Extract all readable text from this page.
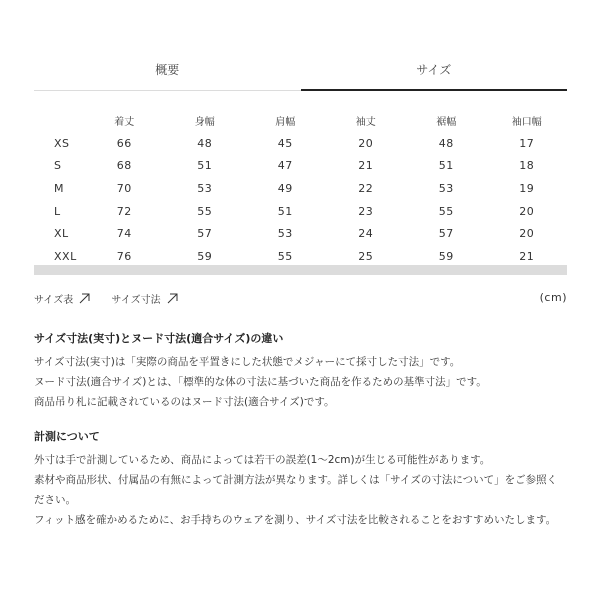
概要	サイズ
	着丈	身幅	肩幅	袖丈	裾幅	袖口幅
XS	66	48	45	20	48	17
S	68	51	47	21	51	18
M	70	53	49	22	53	19
L	72	55	51	23	55	20
XL	74	57	53	24	57	20
XXL	76	59	55	25	59	21
サイズ表
	サイズ寸法	(cm)
サイズ寸法(実寸)とヌード寸法(適合サイズ)の違い

サイズ寸法(実寸)は「実際の商品を平置きにした状態でメジャーにて採寸した寸法」です。

ヌード寸法(適合サイズ)とは、「標準的な体の寸法に基づいた商品を作るための基準寸法」です。

商品吊り札に記載されているのはヌード寸法(適合サイズ)です。

計測について

外寸は手で計測しているため、商品によっては若干の誤差(1〜2cm)が生じる可能性があります。

素材や商品形状、付属品の有無によって計測方法が異なります。詳しくは「サイズの寸法について」をご参照ください。

フィット感を確かめるために、お手持ちのウェアを測り、サイズ寸法を比較されることをおすすめいたします。
